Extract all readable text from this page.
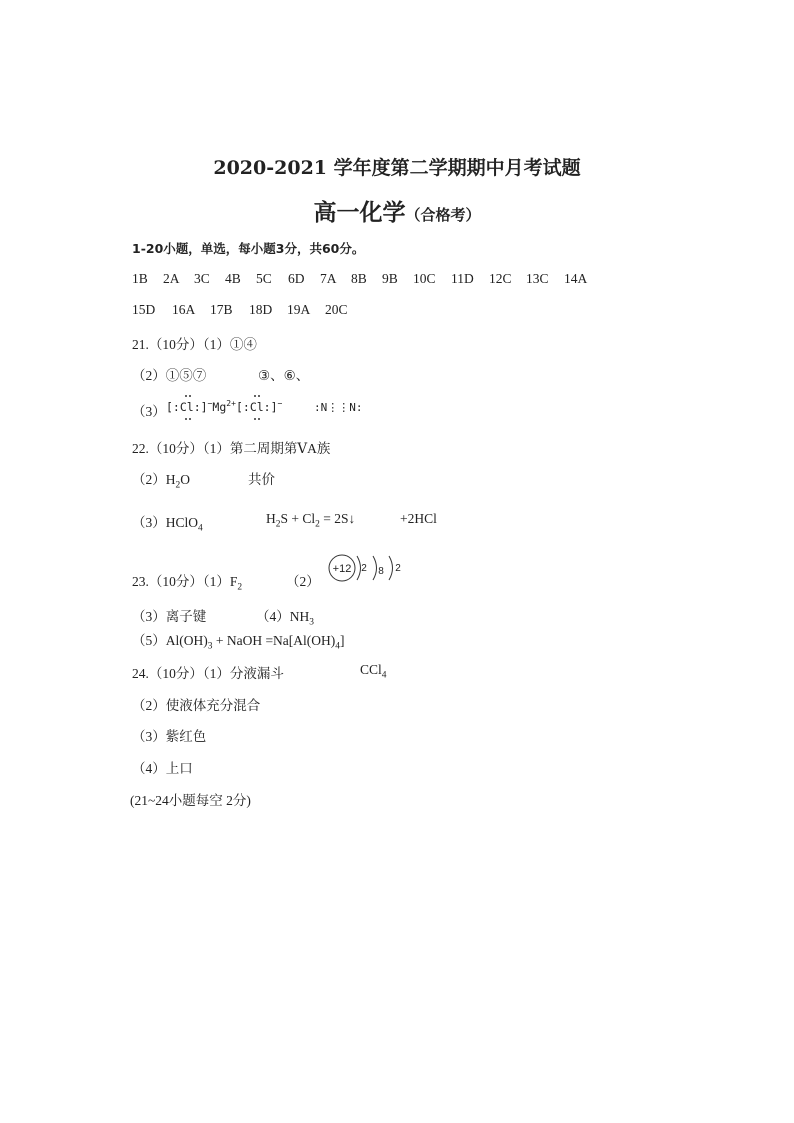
2020-2021 学年度第二学期期中月考试题
高一化学（合格考）
1-20小题，单选，每小题3分，共60分。
1B 2A 3C 4B 5C 6D 7A 8B 9B 10C 11D 12C 13C 14A
15D 16A 17B 18D 19A 20C
21.（10分）（1）①④
（2）①⑤⑦	③、⑥、
（3） $[:Cl:]^-Mg^{2+}[:Cl:]^-$	:N⋮⋮N:
22.（10分）（1）第二周期第ⅤA族
$(2)H_2O$	共价
（3）HClO$_4$
$H_2S + Cl_2$ = 2S↓	+2HCl
23.（10分）$(1)F_2$	（2）
+12 2 8 2
（3）离子键	$(4)NH_3$
$(5)Al(OH)_3$ + NaOH $=Na[Al(OH)_4]$
24.（10分）（1）分液漏斗	CCl$_4$
（2）使液体充分混合
（3）紫红色
（4）上口
(21~24小题每空 2分)
